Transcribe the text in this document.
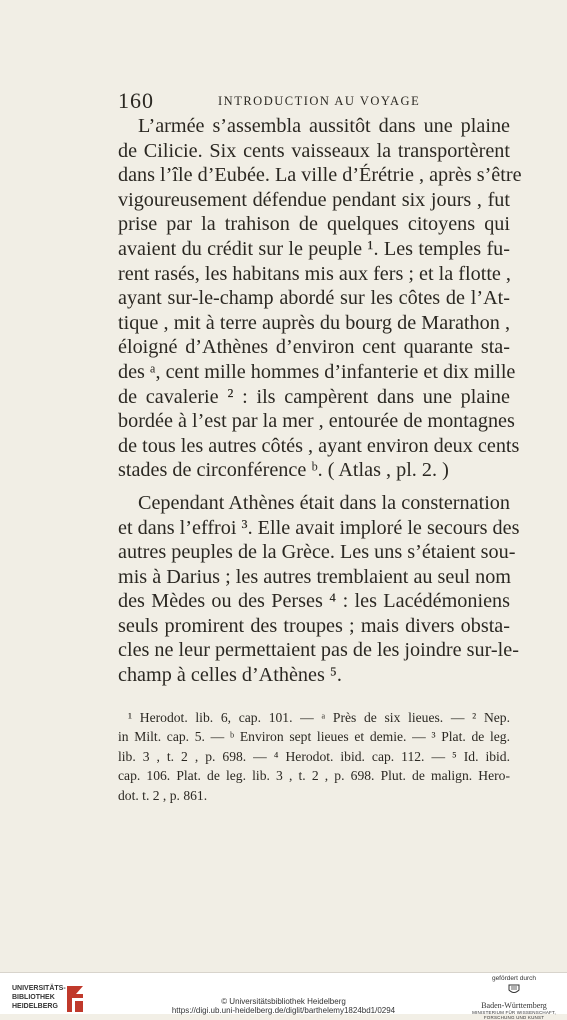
160	INTRODUCTION AU VOYAGE
L’armée s’assembla aussitôt dans une plaine
de Cilicie. Six cents vaisseaux la transportèrent
dans l’île d’Eubée. La ville d’Érétrie , après s’être
vigoureusement défendue pendant six jours , fut
prise par la trahison de quelques citoyens qui
avaient du crédit sur le peuple ¹. Les temples fu-
rent rasés, les habitans mis aux fers ; et la flotte ,
ayant sur-le-champ abordé sur les côtes de l’At-
tique , mit à terre auprès du bourg de Marathon ,
éloigné d’Athènes d’environ cent quarante sta-
des ᵃ, cent mille hommes d’infanterie et dix mille
de cavalerie ² : ils campèrent dans une plaine
bordée à l’est par la mer , entourée de montagnes
de tous les autres côtés , ayant environ deux cents
stades de circonférence ᵇ. ( Atlas , pl. 2. )
Cependant Athènes était dans la consternation
et dans l’effroi ³. Elle avait imploré le secours des
autres peuples de la Grèce. Les uns s’étaient sou-
mis à Darius ; les autres tremblaient au seul nom
des Mèdes ou des Perses ⁴ : les Lacédémoniens
seuls promirent des troupes ; mais divers obsta-
cles ne leur permettaient pas de les joindre sur-le-
champ à celles d’Athènes ⁵.
¹ Herodot. lib. 6, cap. 101. — ᵃ Près de six lieues. — ² Nep.
in Milt. cap. 5. — ᵇ Environ sept lieues et demie. — ³ Plat. de leg.
lib. 3 , t. 2 , p. 698. — ⁴ Herodot. ibid. cap. 112. — ⁵ Id. ibid.
cap. 106. Plat. de leg. lib. 3 , t. 2 , p. 698. Plut. de malign. Hero-
dot. t. 2 , p. 861.
UNIVERSITÄTS-
BIBLIOTHEK
HEIDELBERG
© Universitätsbibliothek Heidelberg
https://digi.ub.uni-heidelberg.de/diglit/barthelemy1824bd1/0294
gefördert durch
Baden-Württemberg
MINISTERIUM FÜR WISSENSCHAFT, FORSCHUNG UND KUNST
